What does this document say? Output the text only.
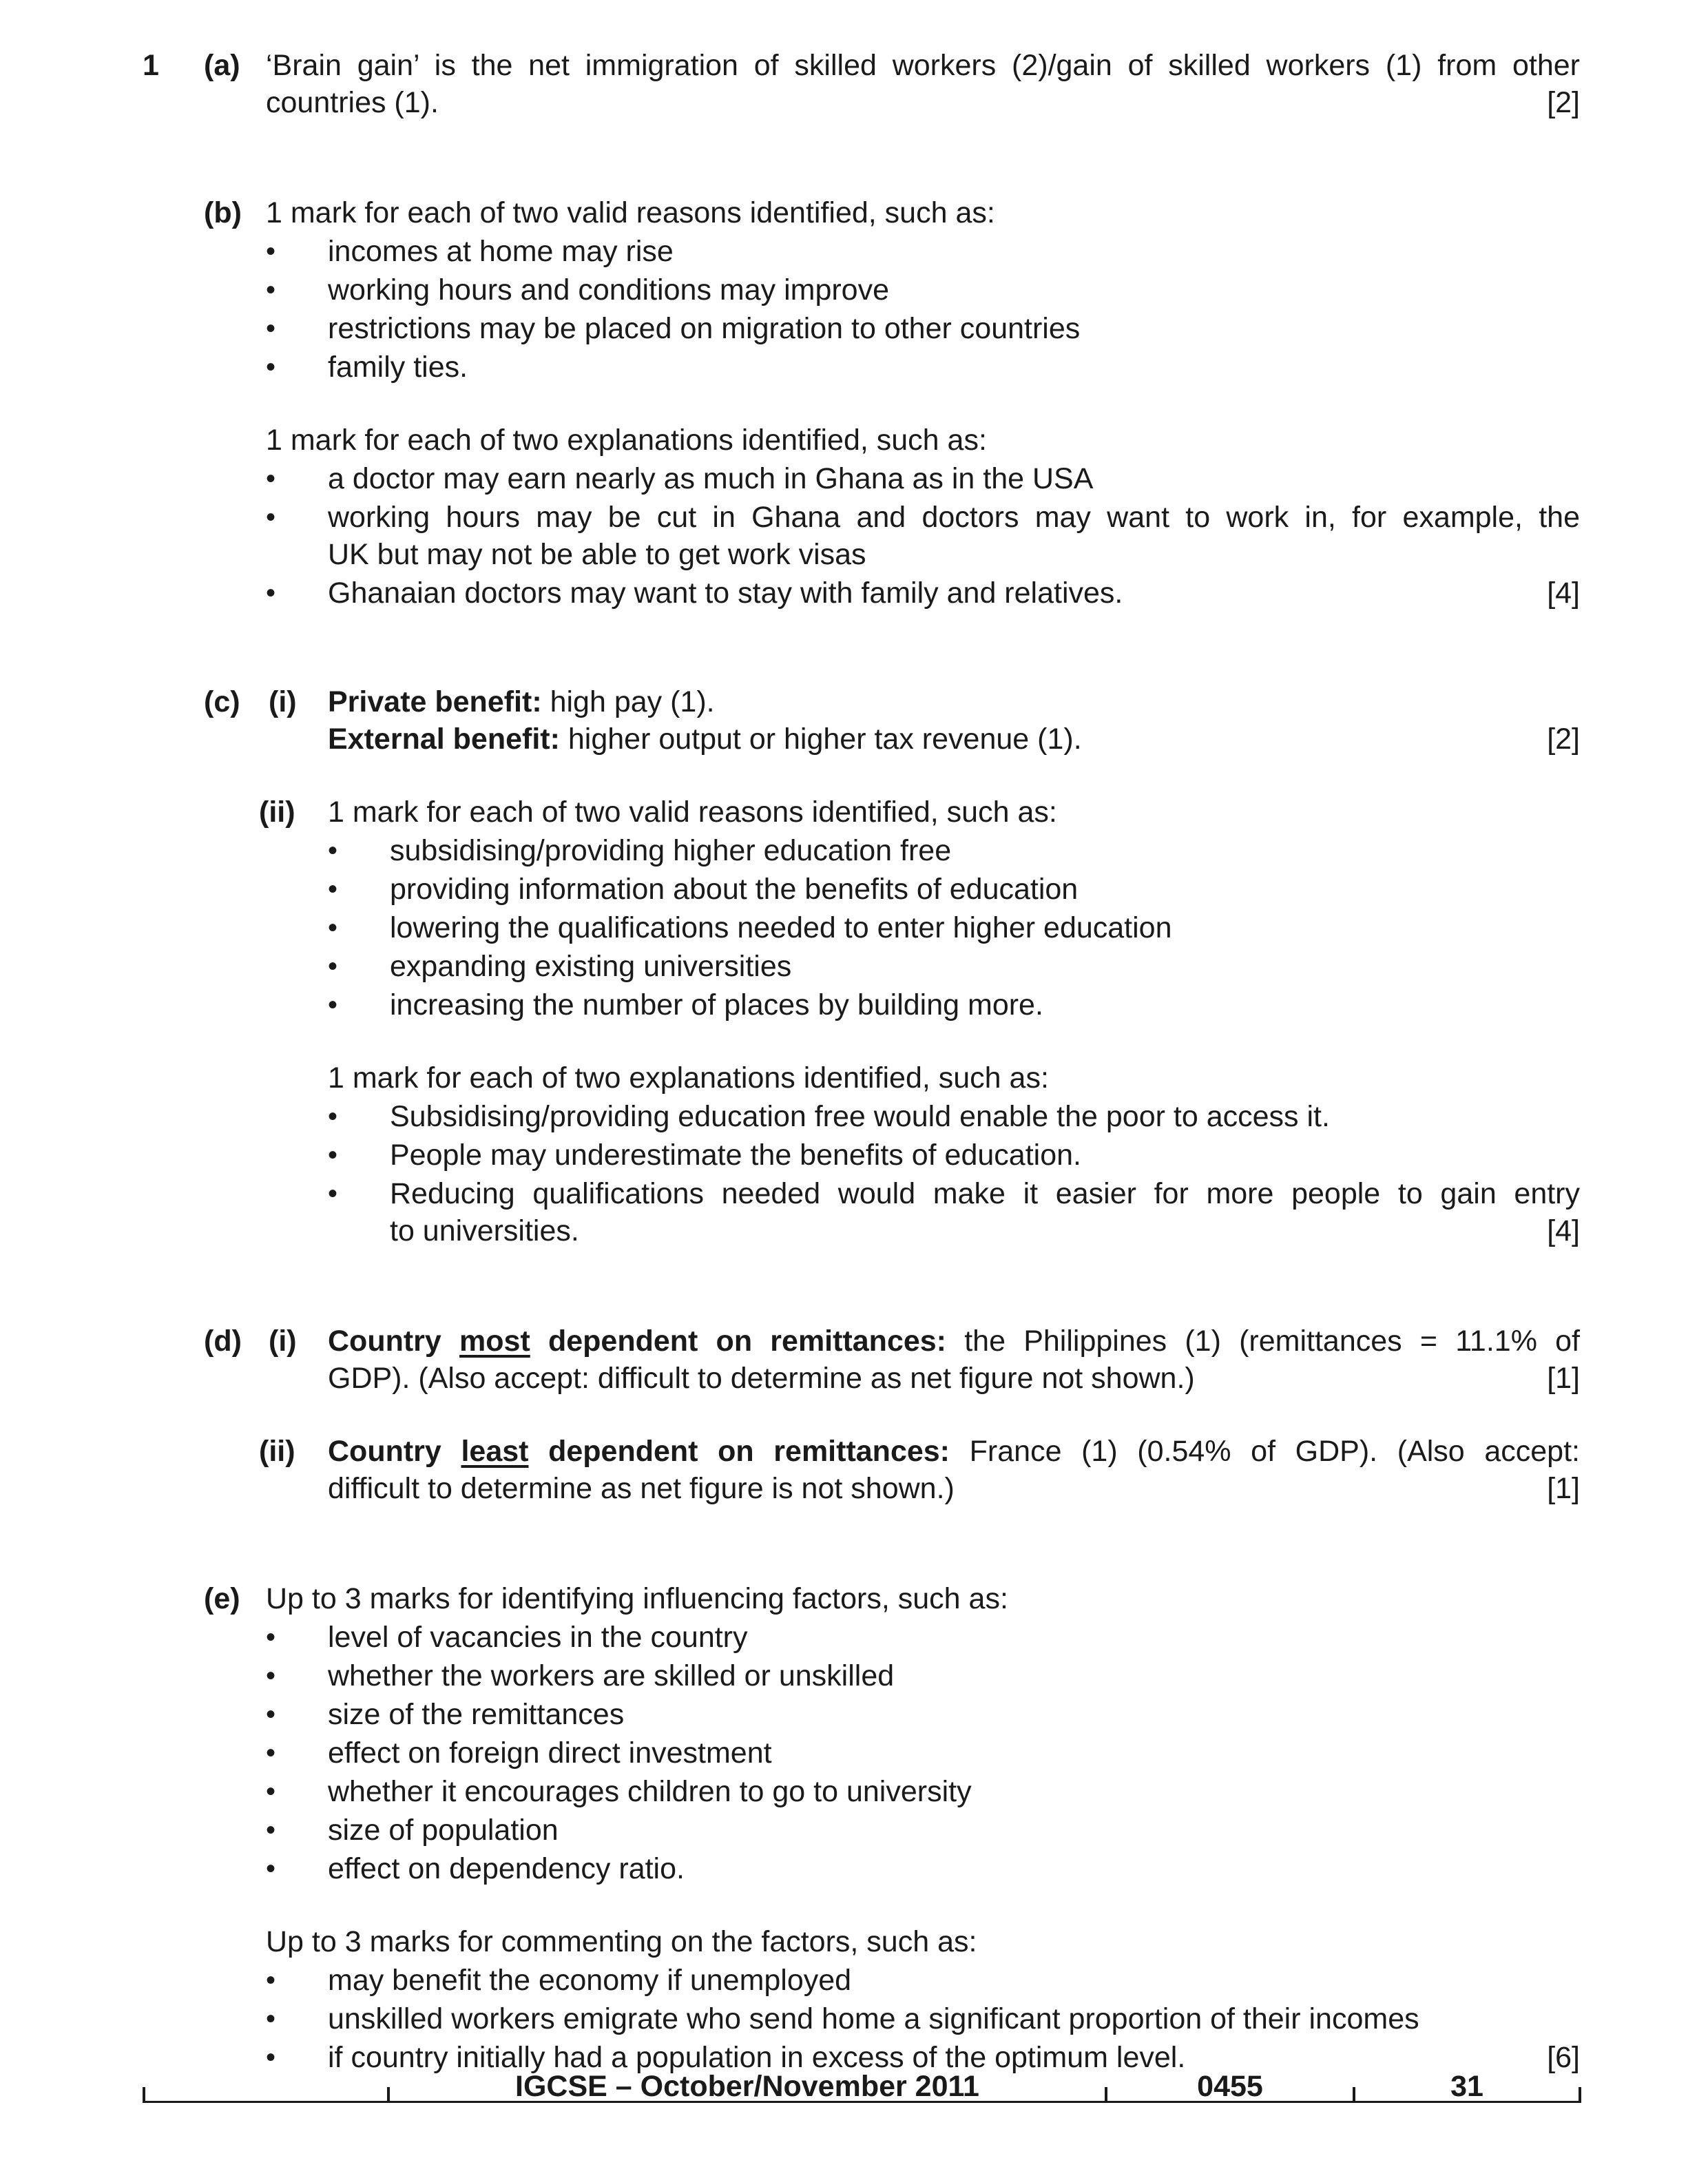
1 (a) ‘Brain gain’ is the net immigration of skilled workers (2)/gain of skilled workers (1) from other
countries (1).	[2]
(b) 1 mark for each of two valid reasons identified, such as:
• incomes at home may rise
• working hours and conditions may improve
• restrictions may be placed on migration to other countries
• family ties.
1 mark for each of two explanations identified, such as:
• a doctor may earn nearly as much in Ghana as in the USA
• working hours may be cut in Ghana and doctors may want to work in, for example, the
UK but may not be able to get work visas
• Ghanaian doctors may want to stay with family and relatives.	[4]
(c) (i) Private benefit: high pay (1).
External benefit: higher output or higher tax revenue (1).	[2]
(ii) 1 mark for each of two valid reasons identified, such as:
• subsidising/providing higher education free
• providing information about the benefits of education
• lowering the qualifications needed to enter higher education
• expanding existing universities
• increasing the number of places by building more.
1 mark for each of two explanations identified, such as:
• Subsidising/providing education free would enable the poor to access it.
• People may underestimate the benefits of education.
• Reducing qualifications needed would make it easier for more people to gain entry
to universities.	[4]
(d) (i) Country most dependent on remittances: the Philippines (1) (remittances = 11.1% of
GDP). (Also accept: difficult to determine as net figure not shown.)	[1]
(ii) Country least dependent on remittances: France (1) (0.54% of GDP). (Also accept:
difficult to determine as net figure is not shown.)	[1]
(e) Up to 3 marks for identifying influencing factors, such as:
• level of vacancies in the country
• whether the workers are skilled or unskilled
• size of the remittances
• effect on foreign direct investment
• whether it encourages children to go to university
• size of population
• effect on dependency ratio.
Up to 3 marks for commenting on the factors, such as:
• may benefit the economy if unemployed
• unskilled workers emigrate who send home a significant proportion of their incomes
• if country initially had a population in excess of the optimum level.	[6]
IGCSE – October/November 2011	0455	31
